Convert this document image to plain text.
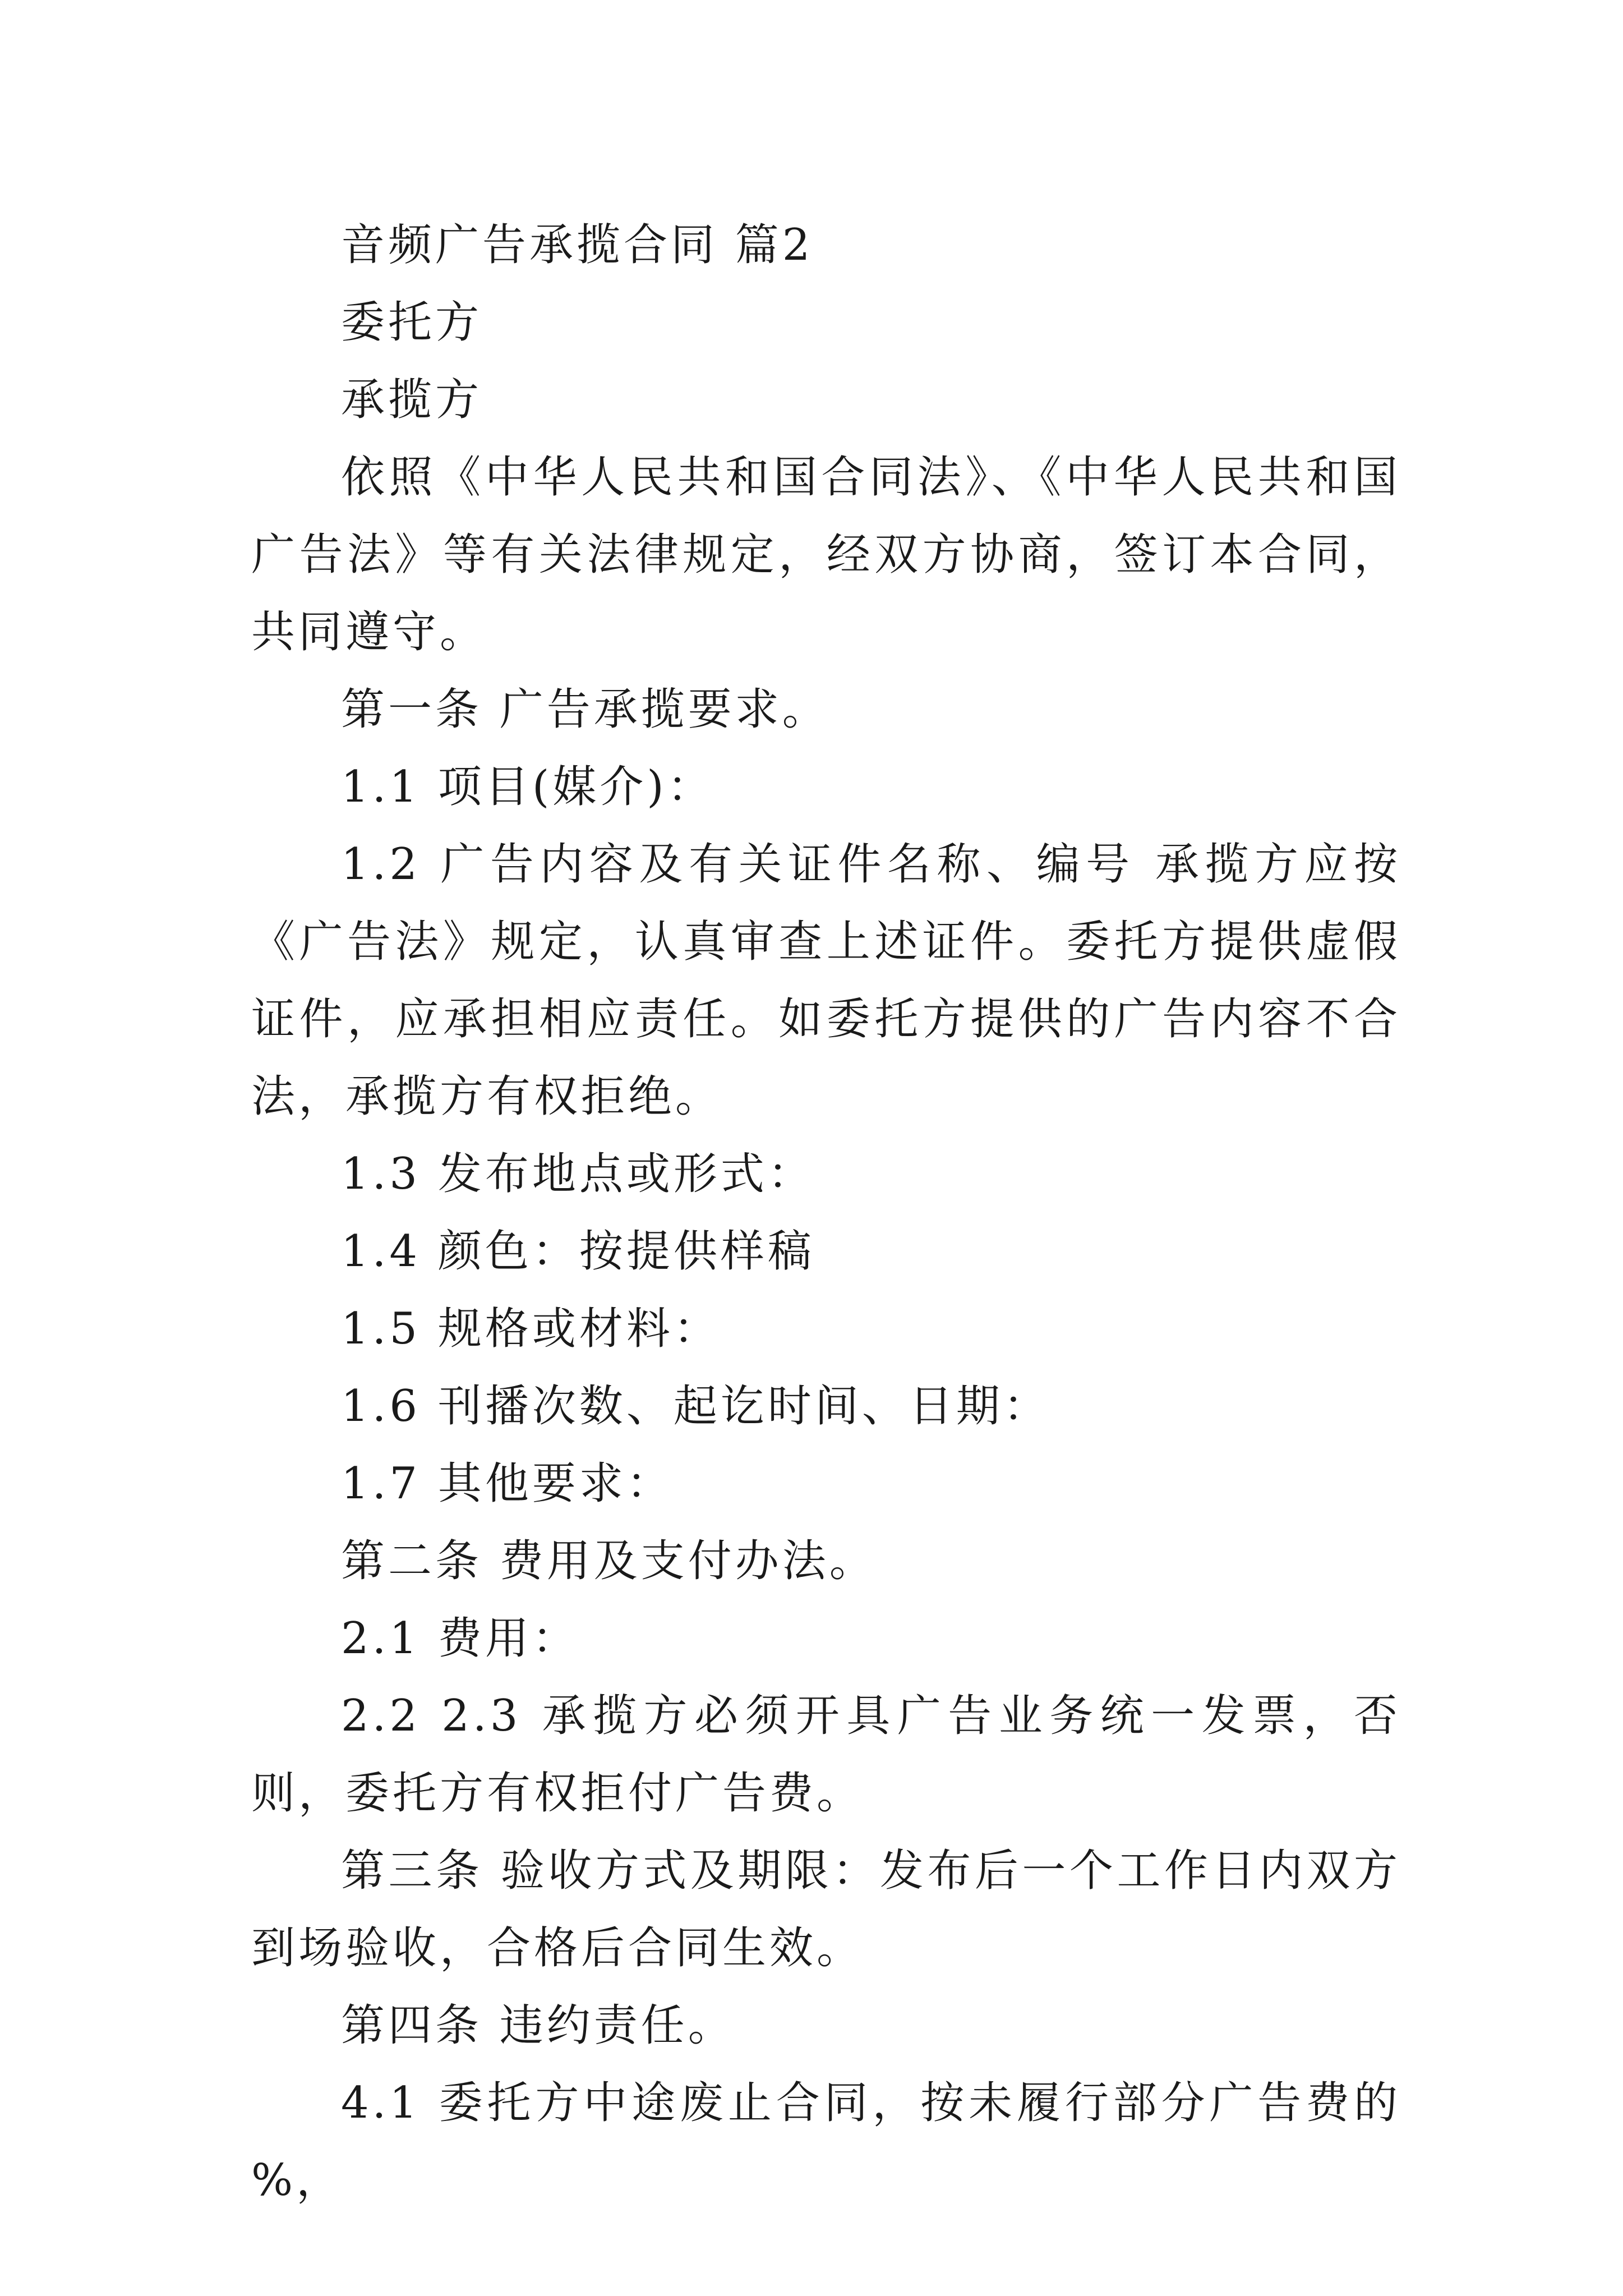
音频广告承揽合同 篇2

委托方

承揽方

依照《中华人民共和国合同法》、《中华人民共和国广告法》等有关法律规定，经双方协商，签订本合同，共同遵守。

第一条 广告承揽要求。

1.1 项目(媒介)：

1.2 广告内容及有关证件名称、编号 承揽方应按《广告法》规定，认真审查上述证件。委托方提供虚假证件，应承担相应责任。如委托方提供的广告内容不合法，承揽方有权拒绝。

1.3 发布地点或形式：

1.4 颜色：按提供样稿

1.5 规格或材料：

1.6 刊播次数、起讫时间、日期：

1.7 其他要求：

第二条 费用及支付办法。

2.1 费用：

2.2 2.3 承揽方必须开具广告业务统一发票，否则，委托方有权拒付广告费。

第三条 验收方式及期限：发布后一个工作日内双方到场验收，合格后合同生效。

第四条 违约责任。

4.1 委托方中途废止合同，按未履行部分广告费的 %，
